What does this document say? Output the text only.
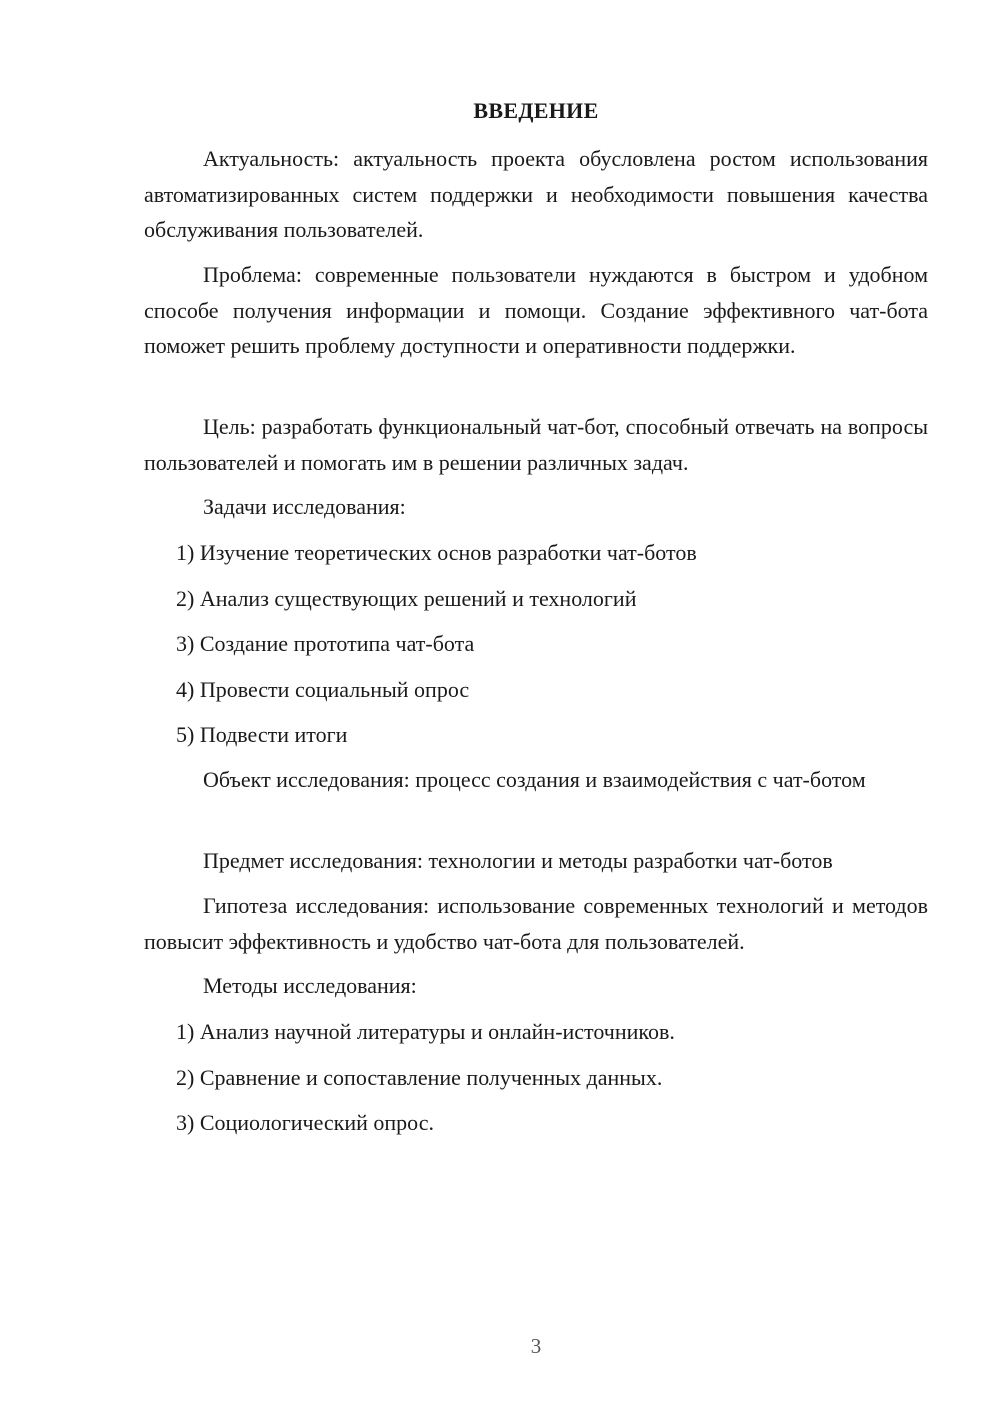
ВВЕДЕНИЕ
Актуальность: актуальность проекта обусловлена ростом использования автоматизированных систем поддержки и необходимости повышения качества обслуживания пользователей.
Проблема: современные пользователи нуждаются в быстром и удобном способе получения информации и помощи. Создание эффективного чат-бота поможет решить проблему доступности и оперативности поддержки.
Цель: разработать функциональный чат-бот, способный отвечать на вопросы пользователей и помогать им в решении различных задач.
Задачи исследования:
1) Изучение теоретических основ разработки чат-ботов
2) Анализ существующих решений и технологий
3) Создание прототипа чат-бота
4) Провести социальный опрос
5) Подвести итоги
Объект исследования: процесс создания и взаимодействия с чат-ботом
Предмет исследования: технологии и методы разработки чат-ботов
Гипотеза исследования: использование современных технологий и методов повысит эффективность и удобство чат-бота для пользователей.
Методы исследования:
1) Анализ научной литературы и онлайн-источников.
2) Сравнение и сопоставление полученных данных.
3) Социологический опрос.
3
